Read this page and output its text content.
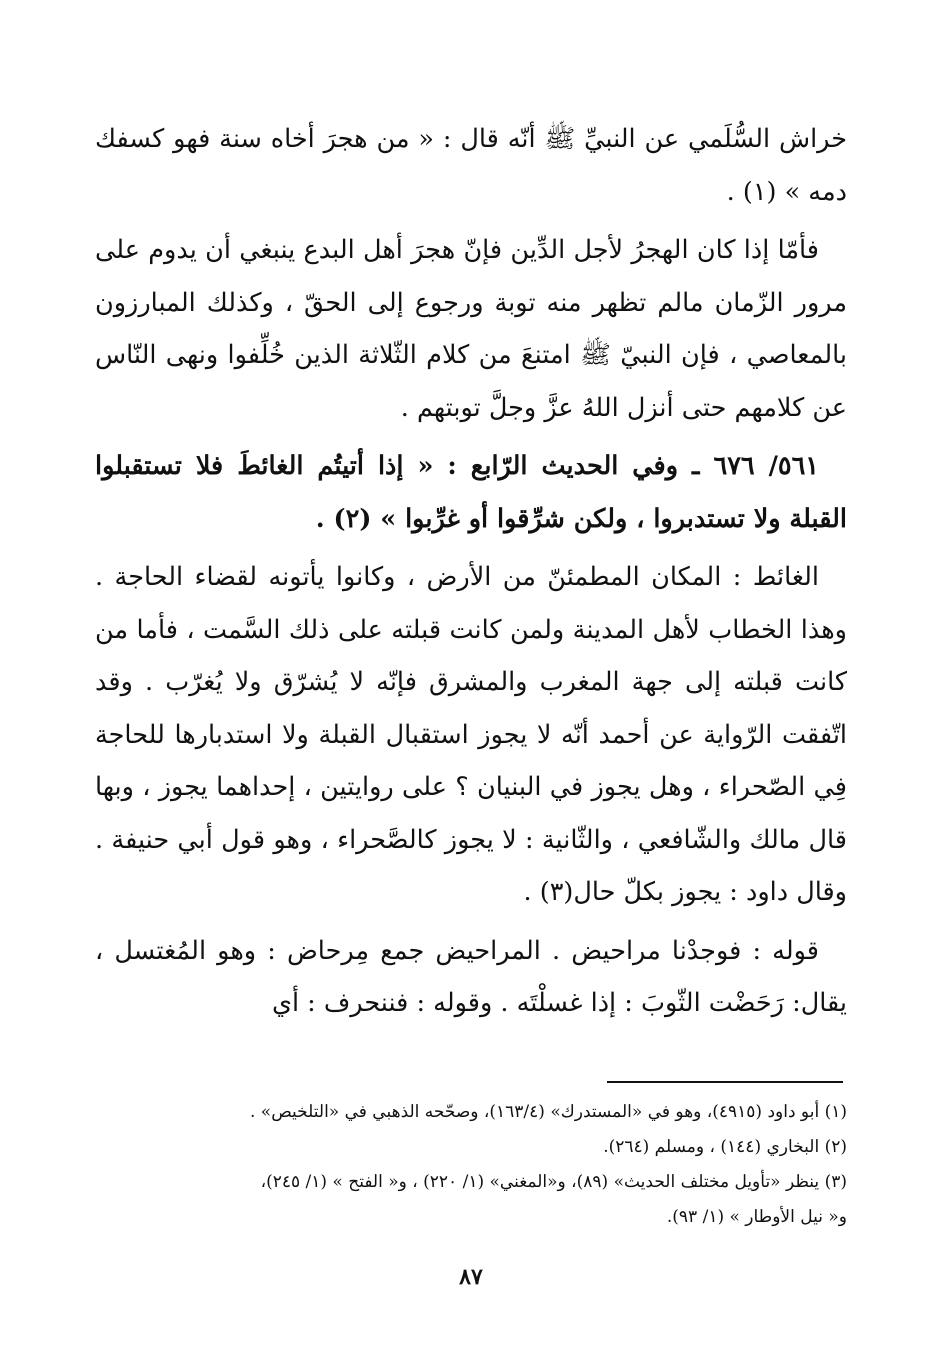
خراش السُّلَمي عن النبيِّ ﷺ أنّه قال : « من هجرَ أخاه سنة فهو كسفك دمه » (١) .

فأمّا إذا كان الهجرُ لأجل الدِّين فإنّ هجرَ أهل البدع ينبغي أن يدوم على مرور الزّمان مالم تظهر منه توبة ورجوع إلى الحقّ ، وكذلك المبارزون بالمعاصي ، فإن النبيّ ﷺ امتنعَ من كلام الثّلاثة الذين خُلِّفوا ونهى النّاس عن كلامهم حتى أنزل اللهُ عزَّ وجلَّ توبتهم .

٥٦١/ ٦٧٦ ـ وفي الحديث الرّابع : « إذا أتيتُم الغائطَ فلا تستقبلوا القبلة ولا تستدبروا ، ولكن شرِّقوا أو غرِّبوا » (٢) .

الغائط : المكان المطمئنّ من الأرض ، وكانوا يأتونه لقضاء الحاجة . وهذا الخطاب لأهل المدينة ولمن كانت قبلته على ذلك السَّمت ، فأما من كانت قبلته إلى جهة المغرب والمشرق فإنّه لا يُشرّق ولا يُغرّب . وقد اتّفقت الرّواية عن أحمد أنّه لا يجوز استقبال القبلة ولا استدبارها للحاجة فِي الصّحراء ، وهل يجوز في البنيان ؟ على روايتين ، إحداهما يجوز ، وبها قال مالك والشّافعي ، والثّانية : لا يجوز كالصَّحراء ، وهو قول أبي حنيفة . وقال داود : يجوز بكلّ حال(٣) .

قوله : فوجدْنا مراحيض . المراحيض جمع مِرحاض : وهو المُغتسل ، يقال: رَحَضْت الثّوبَ : إذا غسلْتَه . وقوله : فننحرف : أي

(١) أبو داود (٤٩١٥)، وهو في «المستدرك» (١٦٣/٤)، وصحّحه الذهبي في «التلخيص» .

(٢) البخاري (١٤٤) ، ومسلم (٢٦٤).

(٣) ينظر «تأويل مختلف الحديث» (٨٩)، و«المغني» (١/ ٢٢٠) ، و« الفتح » (١/ ٢٤٥)،

و« نيل الأوطار » (١/ ٩٣).

٨٧
